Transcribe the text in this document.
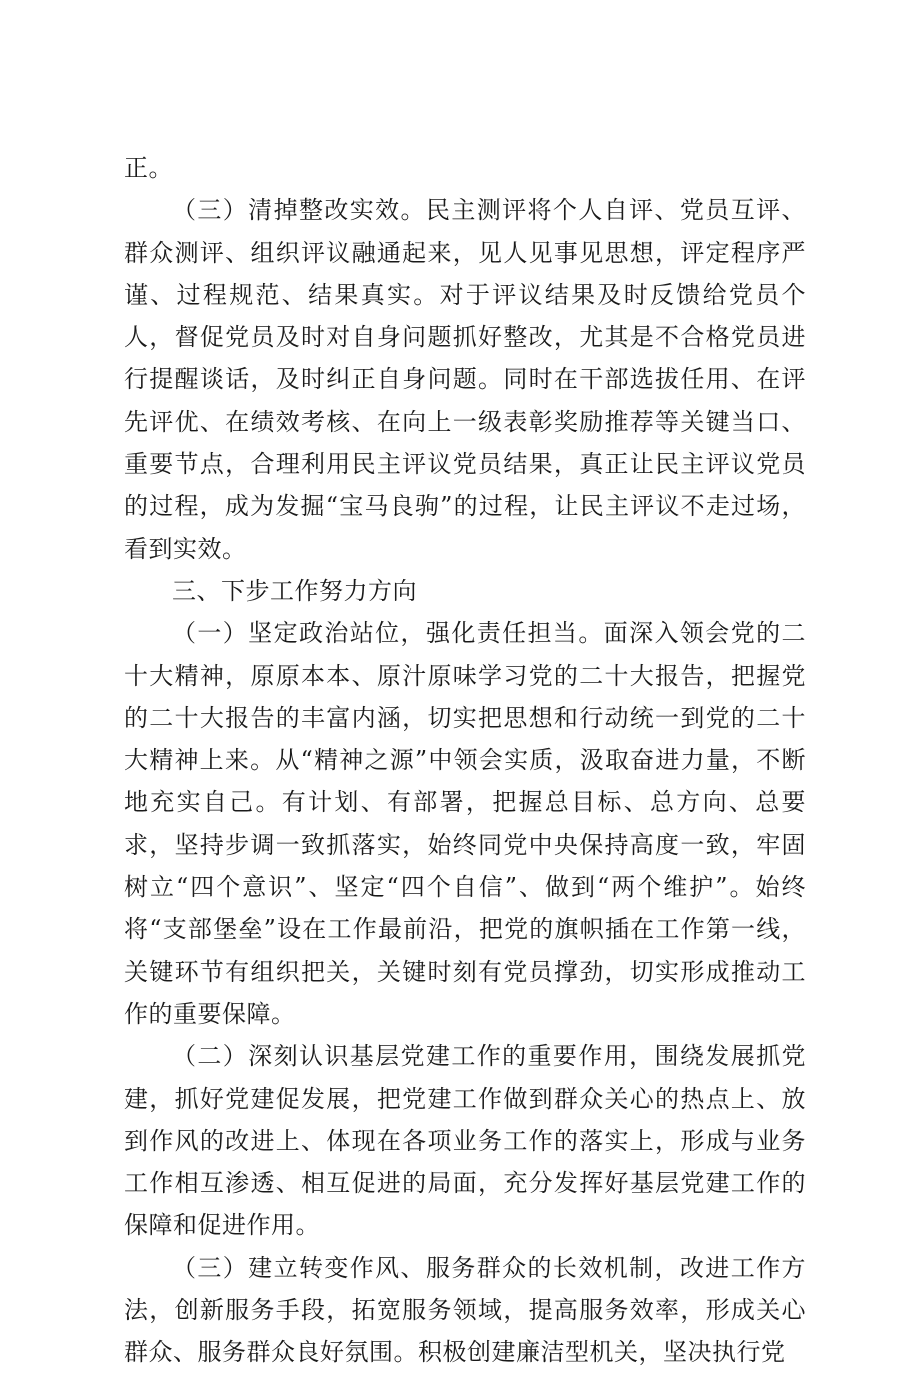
正。

（三）清掉整改实效。民主测评将个人自评、党员互评、群众测评、组织评议融通起来，见人见事见思想，评定程序严谨、过程规范、结果真实。对于评议结果及时反馈给党员个人，督促党员及时对自身问题抓好整改，尤其是不合格党员进行提醒谈话，及时纠正自身问题。同时在干部选拔任用、在评先评优、在绩效考核、在向上一级表彰奖励推荐等关键当口、重要节点，合理利用民主评议党员结果，真正让民主评议党员的过程，成为发掘“宝马良驹”的过程，让民主评议不走过场，看到实效。

三、下步工作努力方向

（一）坚定政治站位，强化责任担当。面深入领会党的二十大精神，原原本本、原汁原味学习党的二十大报告，把握党的二十大报告的丰富内涵，切实把思想和行动统一到党的二十大精神上来。从“精神之源”中领会实质，汲取奋进力量，不断地充实自己。有计划、有部署，把握总目标、总方向、总要求，坚持步调一致抓落实，始终同党中央保持高度一致，牢固树立“四个意识”、坚定“四个自信”、做到“两个维护”。始终将“支部堡垒”设在工作最前沿，把党的旗帜插在工作第一线，关键环节有组织把关，关键时刻有党员撑劲，切实形成推动工作的重要保障。

（二）深刻认识基层党建工作的重要作用，围绕发展抓党建，抓好党建促发展，把党建工作做到群众关心的热点上、放到作风的改进上、体现在各项业务工作的落实上，形成与业务工作相互渗透、相互促进的局面，充分发挥好基层党建工作的保障和促进作用。

（三）建立转变作风、服务群众的长效机制，改进工作方法，创新服务手段，拓宽服务领域，提高服务效率，形成关心群众、服务群众良好氛围。积极创建廉洁型机关，坚决执行党
